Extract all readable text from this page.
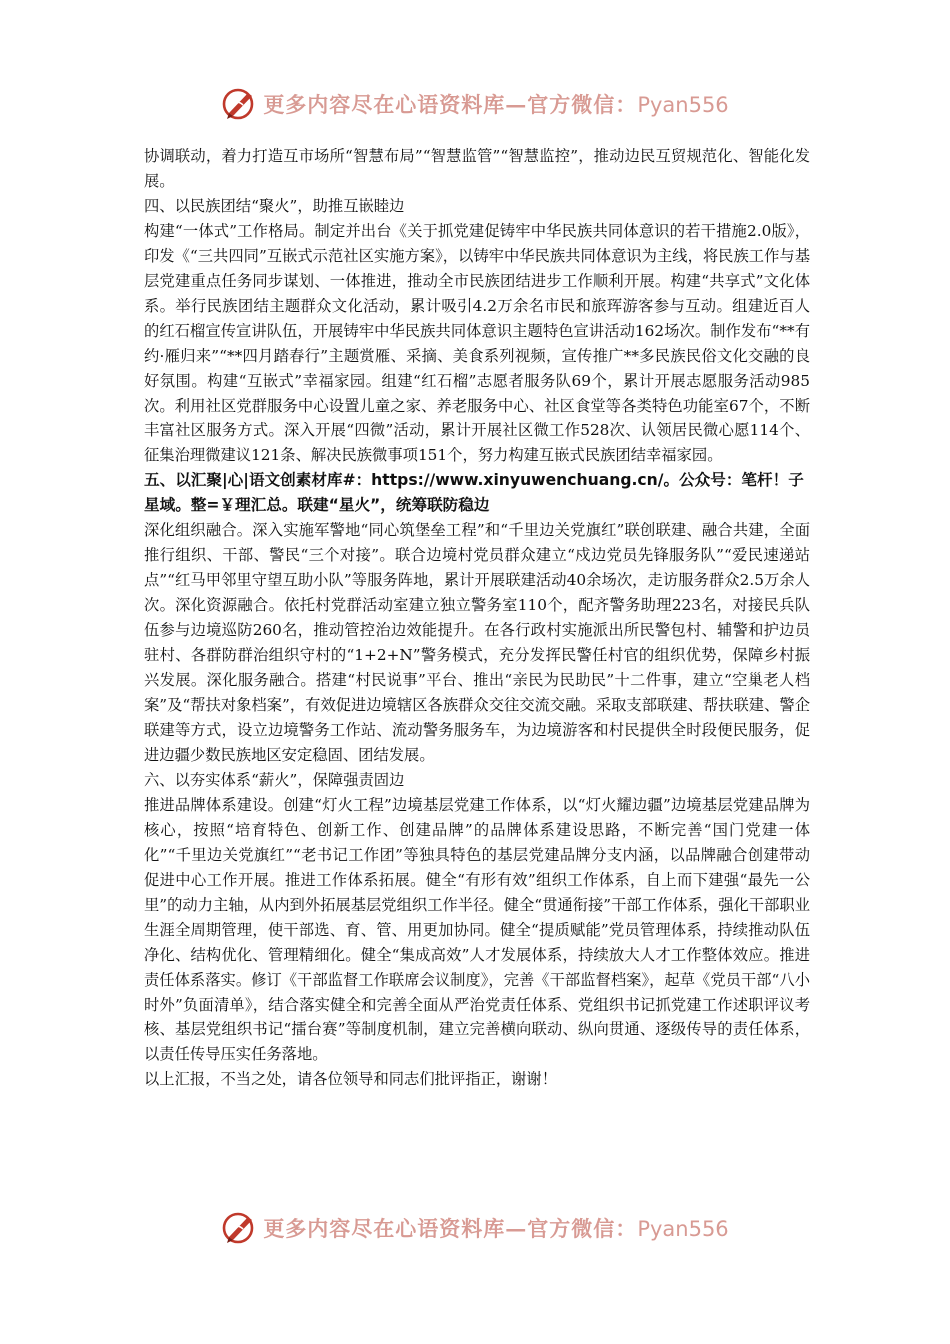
更多内容尽在心语资料库—官方微信：Pyan556

协调联动，着力打造互市场所“智慧布局”“智慧监管”“智慧监控”，推动边民互贸规范化、智能化发展。

四、以民族团结“聚火”，助推互嵌睦边

构建“一体式”工作格局。制定并出台《关于抓党建促铸牢中华民族共同体意识的若干措施2.0版》，印发《“三共四同”互嵌式示范社区实施方案》，以铸牢中华民族共同体意识为主线，将民族工作与基层党建重点任务同步谋划、一体推进，推动全市民族团结进步工作顺利开展。构建“共享式”文化体系。举行民族团结主题群众文化活动，累计吸引4.2万余名市民和旅珲游客参与互动。组建近百人的红石榴宣传宣讲队伍，开展铸牢中华民族共同体意识主题特色宣讲活动162场次。制作发布“**有约·雁归来”“**四月踏春行”主题赏雁、采摘、美食系列视频，宣传推广**多民族民俗文化交融的良好氛围。构建“互嵌式”幸福家园。组建“红石榴”志愿者服务队69个，累计开展志愿服务活动985次。利用社区党群服务中心设置儿童之家、养老服务中心、社区食堂等各类特色功能室67个，不断丰富社区服务方式。深入开展“四微”活动，累计开展社区微工作528次、认领居民微心愿114个、征集治理微建议121条、解决民族微事项151个，努力构建互嵌式民族团结幸福家园。

五、以汇聚|心|语文创素材库#：https://www.xinyuwenchuang.cn/。公众号：笔杆！子星域。整=￥理汇总。联建“星火”，统筹联防稳边

深化组织融合。深入实施军警地“同心筑堡垒工程”和“千里边关党旗红”联创联建、融合共建，全面推行组织、干部、警民“三个对接”。联合边境村党员群众建立“戍边党员先锋服务队”“爱民速递站点”“红马甲邻里守望互助小队”等服务阵地，累计开展联建活动40余场次，走访服务群众2.5万余人次。深化资源融合。依托村党群活动室建立独立警务室110个，配齐警务助理223名，对接民兵队伍参与边境巡防260名，推动管控治边效能提升。在各行政村实施派出所民警包村、辅警和护边员驻村、各群防群治组织守村的“1+2+N”警务模式，充分发挥民警任村官的组织优势，保障乡村振兴发展。深化服务融合。搭建“村民说事”平台、推出“亲民为民助民”十二件事，建立“空巢老人档案”及“帮扶对象档案”，有效促进边境辖区各族群众交往交流交融。采取支部联建、帮扶联建、警企联建等方式，设立边境警务工作站、流动警务服务车，为边境游客和村民提供全时段便民服务，促进边疆少数民族地区安定稳固、团结发展。

六、以夯实体系“薪火”，保障强责固边

推进品牌体系建设。创建“灯火工程”边境基层党建工作体系，以“灯火耀边疆”边境基层党建品牌为核心，按照“培育特色、创新工作、创建品牌”的品牌体系建设思路，不断完善“国门党建一体化”“千里边关党旗红”“老书记工作团”等独具特色的基层党建品牌分支内涵，以品牌融合创建带动促进中心工作开展。推进工作体系拓展。健全“有形有效”组织工作体系，自上而下建强“最先一公里”的动力主轴，从内到外拓展基层党组织工作半径。健全“贯通衔接”干部工作体系，强化干部职业生涯全周期管理，使干部选、育、管、用更加协同。健全“提质赋能”党员管理体系，持续推动队伍净化、结构优化、管理精细化。健全“集成高效”人才发展体系，持续放大人才工作整体效应。推进责任体系落实。修订《干部监督工作联席会议制度》，完善《干部监督档案》，起草《党员干部“八小时外”负面清单》，结合落实健全和完善全面从严治党责任体系、党组织书记抓党建工作述职评议考核、基层党组织书记“擂台赛”等制度机制，建立完善横向联动、纵向贯通、逐级传导的责任体系，以责任传导压实任务落地。

以上汇报，不当之处，请各位领导和同志们批评指正，谢谢！

更多内容尽在心语资料库—官方微信：Pyan556
